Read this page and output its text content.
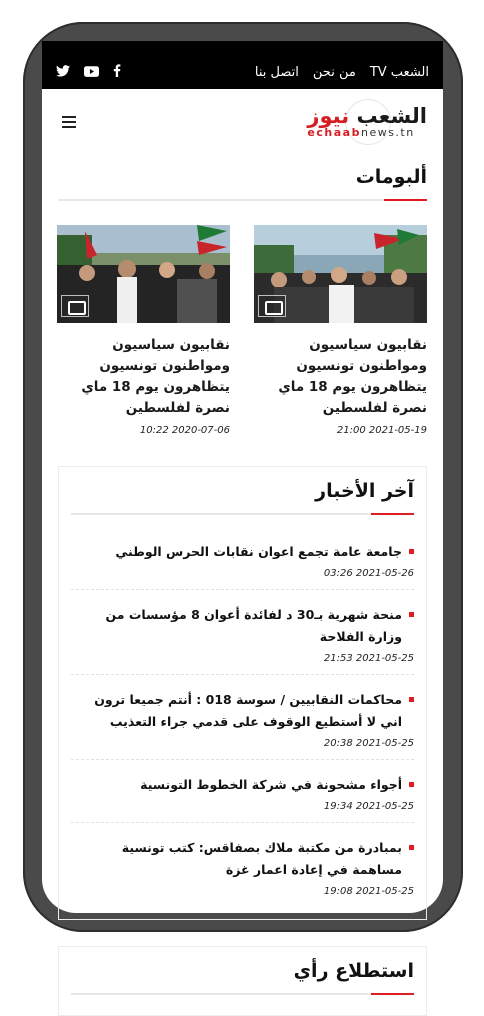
الشعب TV
من نحن
اتصل بنا
الشعب نيوز
echaabnews.tn
ألبومات
نقابيون سياسيون ومواطنون تونسيون يتظاهرون يوم 18 ماي نصرة لفلسطين
21:00 2021-05-19
نقابيون سياسيون ومواطنون تونسيون يتظاهرون يوم 18 ماي نصرة لفلسطين
10:22 2020-07-06
آخر الأخبار
جامعة عامة تجمع اعوان نقابات الحرس الوطني
03:26 2021-05-26
منحة شهرية بـ30 د لفائدة أعوان 8 مؤسسات من وزارة الفلاحة
21:53 2021-05-25
محاكمات النقابيين / سوسة 018 : أنتم جميعا ترون اني لا أستطيع الوقوف على قدمي جراء التعذيب
20:38 2021-05-25
أجواء مشحونة في شركة الخطوط التونسية
19:34 2021-05-25
بمبادرة من مكتبة ملاك بصفاقس: كتب تونسية مساهمة في إعادة اعمار غزة
19:08 2021-05-25
استطلاع رأي
